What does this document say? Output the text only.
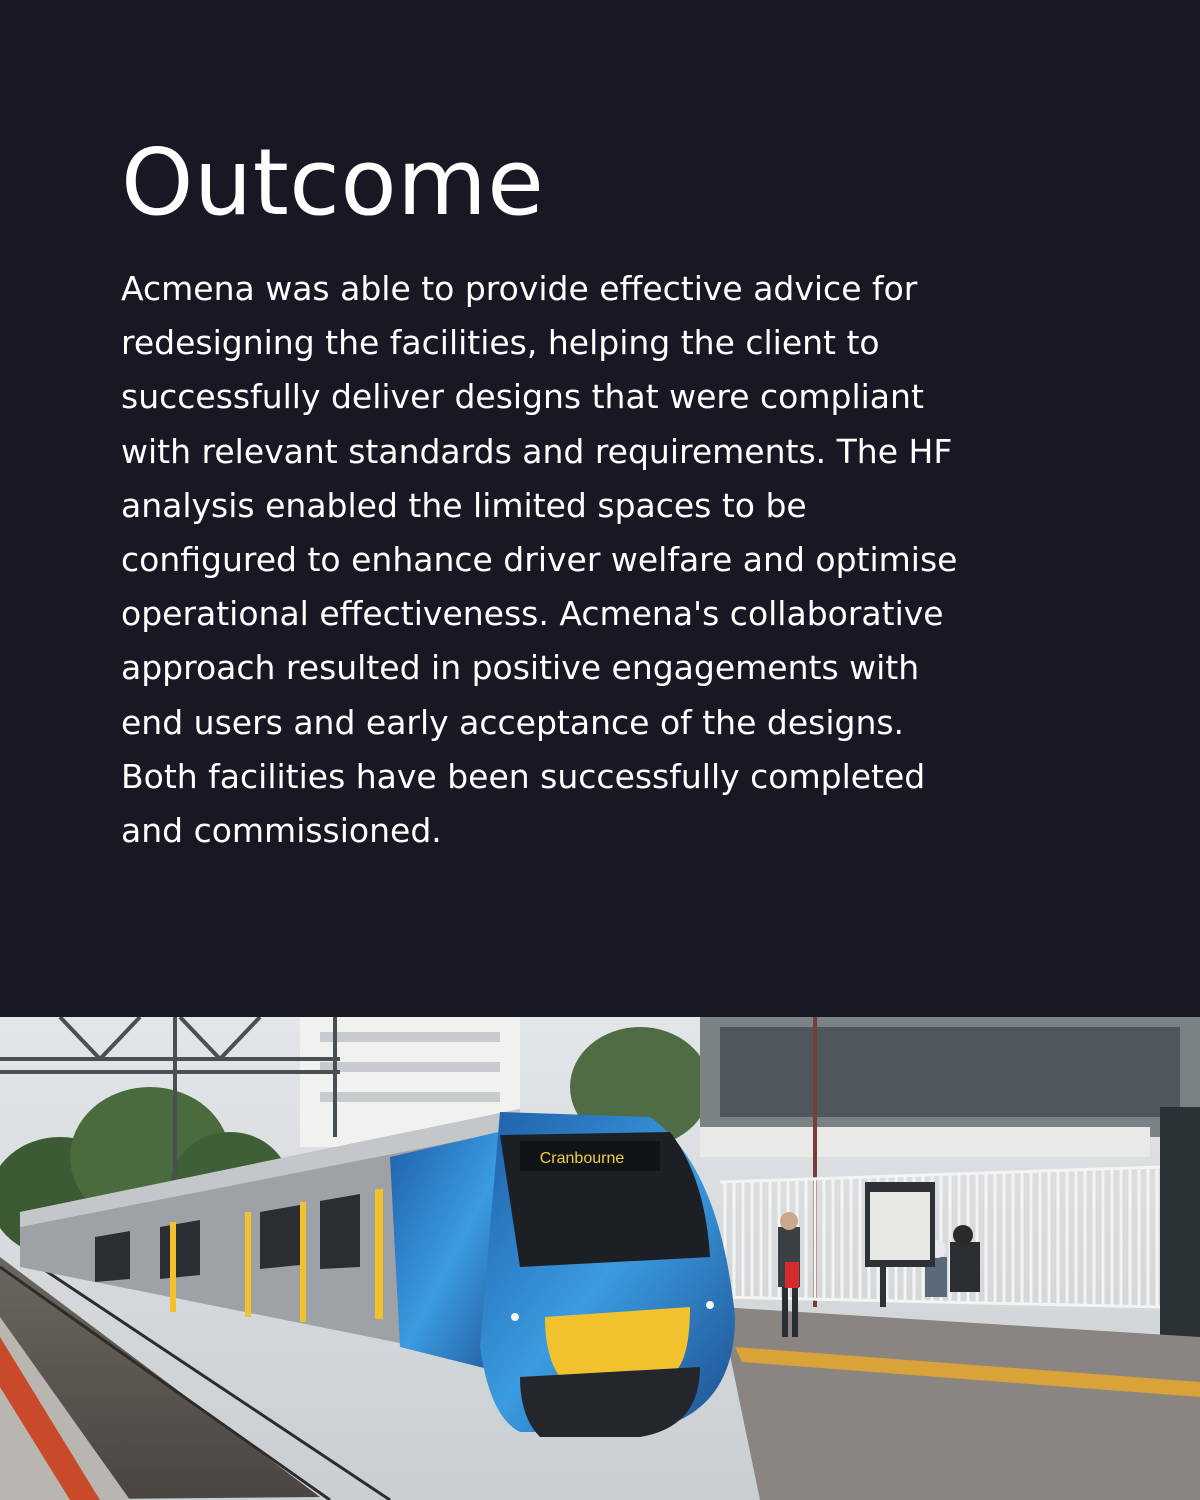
Outcome

Acmena was able to provide effective advice for
redesigning the facilities, helping the client to
successfully deliver designs that were compliant
with relevant standards and requirements. The HF
analysis enabled the limited spaces to be
configured to enhance driver welfare and optimise
operational effectiveness. Acmena's collaborative
approach resulted in positive engagements with
end users and early acceptance of the designs.
Both facilities have been successfully completed
and commissioned.

Cranbourne
